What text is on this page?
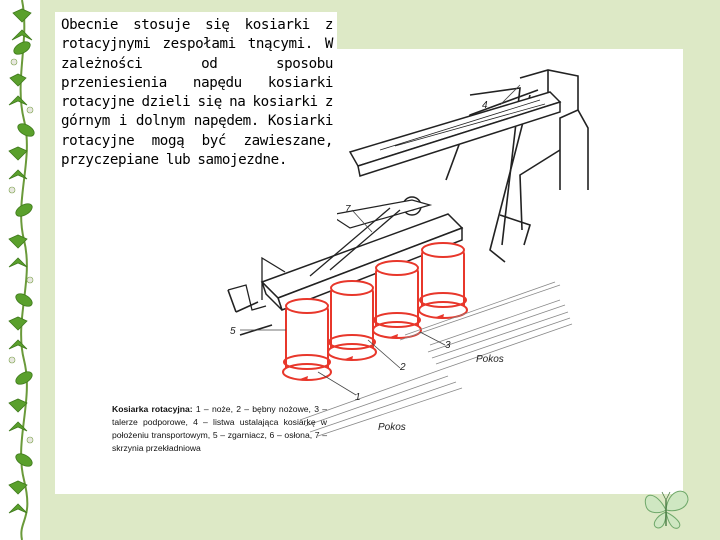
4
7
5
2
3
1
Pokos
Pokos

Obecnie stosuje się kosiarki z rotacyjnymi zespołami tnącymi. W zależności od sposobu przeniesienia napędu kosiarki rotacyjne dzieli się na kosiarki z górnym i dolnym napędem. Kosiarki rotacyjne mogą być zawieszane, przyczepiane lub samojezdne.

Kosiarka rotacyjna: 1 – noże, 2 – bębny nożowe, 3 – talerze podporowe, 4 – listwa ustalająca kosiarkę w położeniu transportowym, 5 – zgarniacz, 6 – osłona, 7 – skrzynia przekładniowa
